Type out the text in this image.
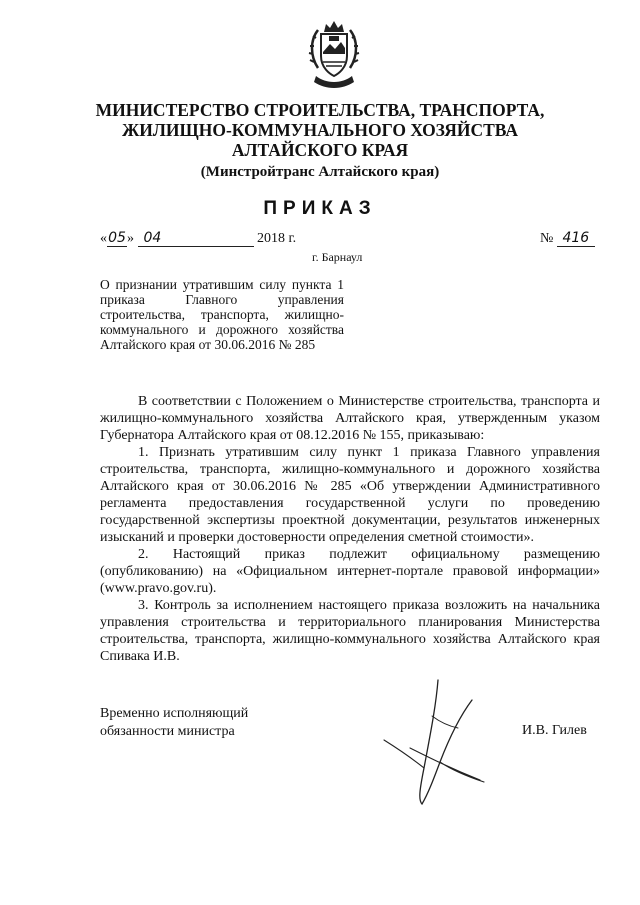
МИНИСТЕРСТВО СТРОИТЕЛЬСТВА, ТРАНСПОРТА,
ЖИЛИЩНО-КОММУНАЛЬНОГО ХОЗЯЙСТВА
АЛТАЙСКОГО КРАЯ
(Минстройтранс Алтайского края)
ПРИКАЗ
«05» 04	2018 г.	№ 416
г. Барнаул
О признании утратившим силу пункта 1 приказа Главного управления строительства, транспорта, жилищно-коммунального и дорожного хозяйства Алтайского края от 30.06.2016 № 285

В соответствии с Положением о Министерстве строительства, транспорта и жилищно-коммунального хозяйства Алтайского края, утвержденным указом Губернатора Алтайского края от 08.12.2016 № 155, приказываю:

1. Признать утратившим силу пункт 1 приказа Главного управления строительства, транспорта, жилищно-коммунального и дорожного хозяйства Алтайского края от 30.06.2016 № 285 «Об утверждении Административного регламента предоставления государственной услуги по проведению государственной экспертизы проектной документации, результатов инженерных изысканий и проверки достоверности определения сметной стоимости».

2. Настоящий приказ подлежит официальному размещению (опубликованию) на «Официальном интернет-портале правовой информации» (www.pravo.gov.ru).

3. Контроль за исполнением настоящего приказа возложить на начальника управления строительства и территориального планирования Министерства строительства, транспорта, жилищно-коммунального хозяйства Алтайского края Спивака И.В.

Временно исполняющий
обязанности министра	И.В. Гилев
